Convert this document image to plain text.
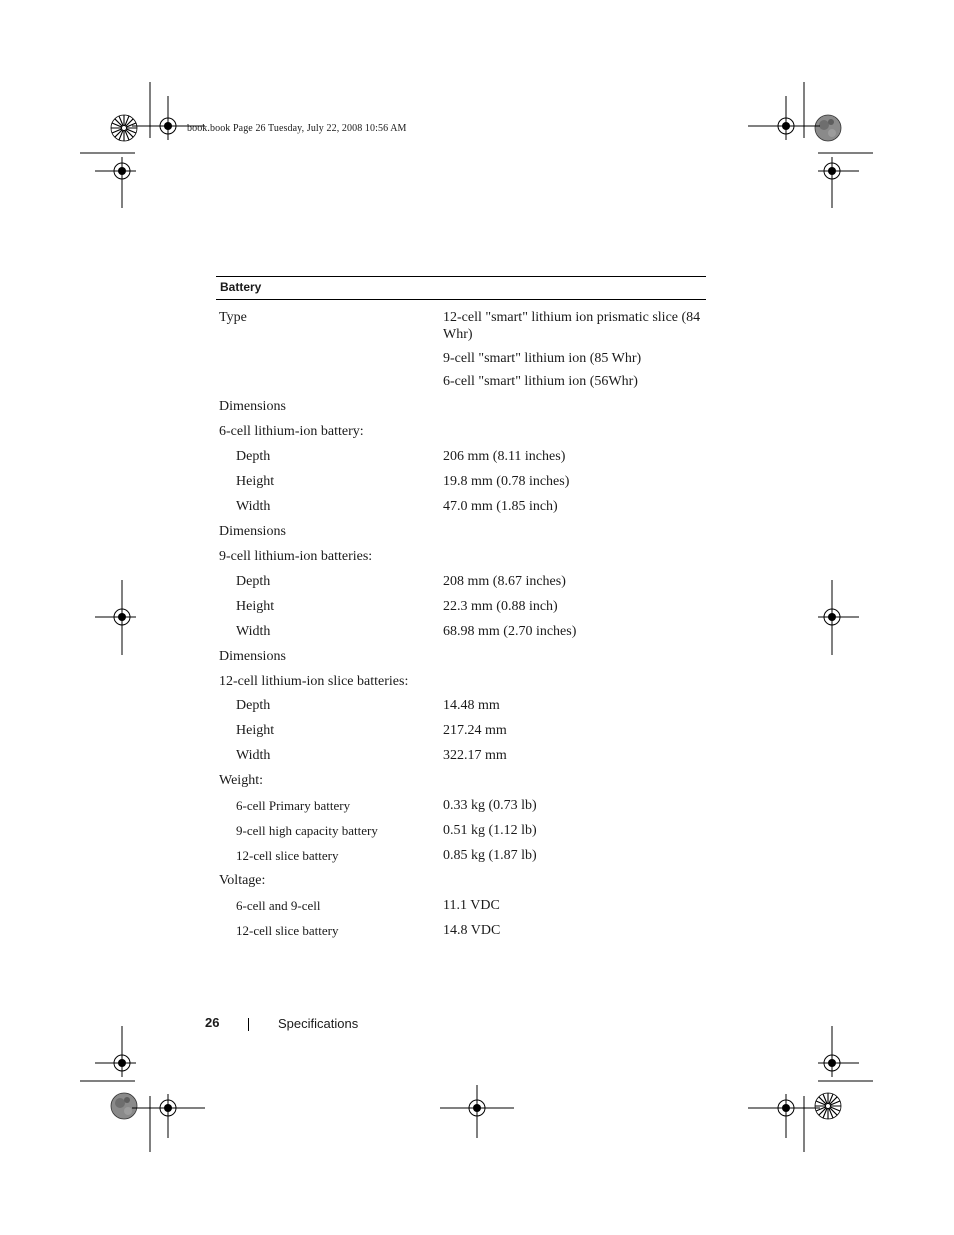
book.book Page 26 Tuesday, July 22, 2008 10:56 AM
Battery
Type	12-cell "smart" lithium ion prismatic slice (84 Whr)
9-cell "smart" lithium ion (85 Whr)
6-cell "smart" lithium ion (56Whr)
Dimensions
6-cell lithium-ion battery:
Depth	206 mm (8.11 inches)
Height	19.8 mm (0.78 inches)
Width	47.0 mm (1.85 inch)
Dimensions
9-cell lithium-ion batteries:
Depth	208 mm (8.67 inches)
Height	22.3 mm (0.88 inch)
Width	68.98 mm (2.70 inches)
Dimensions
12-cell lithium-ion slice batteries:
Depth	14.48 mm
Height	217.24 mm
Width	322.17 mm
Weight:
6-cell Primary battery	0.33 kg (0.73 lb)
9-cell high capacity battery	0.51 kg (1.12 lb)
12-cell slice battery	0.85 kg (1.87 lb)
Voltage:
6-cell and 9-cell	11.1 VDC
12-cell slice battery	14.8 VDC
26	Specifications
